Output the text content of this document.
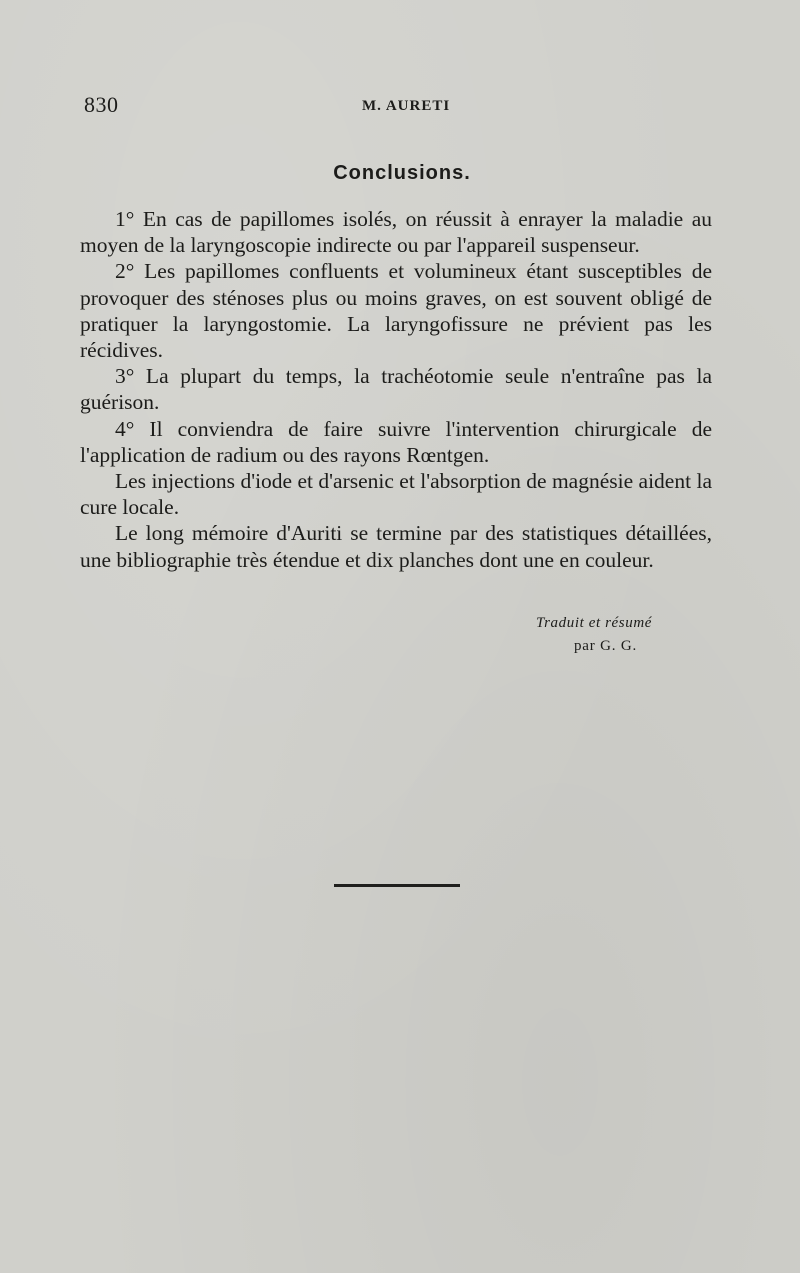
830	M. AURETI
Conclusions.

1° En cas de papillomes isolés, on réussit à enrayer la maladie au moyen de la laryngoscopie indirecte ou par l'appareil suspenseur.

2° Les papillomes confluents et volumineux étant susceptibles de provoquer des sténoses plus ou moins graves, on est souvent obligé de pratiquer la laryngostomie. La laryngofissure ne prévient pas les récidives.

3° La plupart du temps, la trachéotomie seule n'entraîne pas la guérison.

4° Il conviendra de faire suivre l'intervention chirurgicale de l'application de radium ou des rayons Rœntgen.

Les injections d'iode et d'arsenic et l'absorption de magnésie aident la cure locale.

Le long mémoire d'Auriti se termine par des statistiques détaillées, une bibliographie très étendue et dix planches dont une en couleur.

Traduit et résumé
par G. G.
